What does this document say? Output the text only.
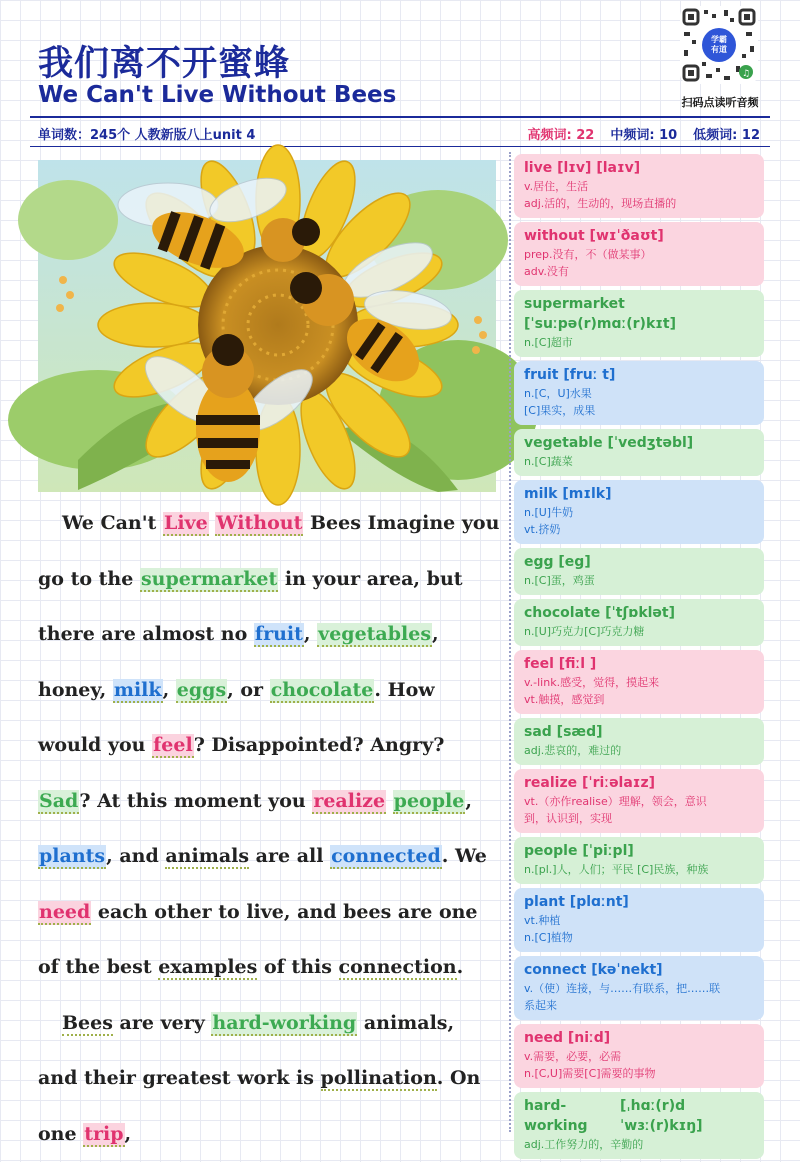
我们离不开蜜蜂
We Can't Live Without Bees
学霸
有道
♫
扫码点读听音频
单词数：245个 人教新版八上unit 4	高频词: 22 中频词: 10 低频词: 12

We Can't Live Without Bees Imagine you go to the supermarket in your area, but there are almost no fruit, vegetables, honey, milk, eggs, or chocolate. How would you feel? Disappointed? Angry? Sad? At this moment you realize people, plants, and animals are all connected. We need each other to live, and bees are one of the best examples of this connection.

Bees are very hard-working animals, and their greatest work is pollination. On one trip,

live [lɪv] [laɪv]
v.居住，生活
adj.活的，生动的，现场直播的
without [wɪˈðaʊt]
prep.没有，不（做某事）
adv.没有
supermarket [ˈsuːpə(r)mɑː(r)kɪt]
n.[C]超市
fruit [fruː t]
n.[C，U]水果
[C]果实，成果
vegetable [ˈvedʒtəbl]
n.[C]蔬菜
milk [mɪlk]
n.[U]牛奶
vt.挤奶
egg [eg]
n.[C]蛋，鸡蛋
chocolate [ˈtʃɒklət]
n.[U]巧克力[C]巧克力糖
feel [fiːl ]
v.-link.感受，觉得，摸起来
vt.触摸，感觉到
sad [sæd]
adj.悲哀的，难过的
realize [ˈriːəlaɪz]
vt.（亦作realise）理解，领会，意识
到，认识到，实现
people [ˈpiːpl]
n.[pl.]人，人们；平民 [C]民族，种族
plant [plɑːnt]
vt.种植
n.[C]植物
connect [kəˈnekt]
v.（使）连接，与……有联系，把……联
系起来
need [niːd]
v.需要，必要，必需
n.[C,U]需要[C]需要的事物
hard-
working
[ˌhɑː(r)d
ˈwɜː(r)kɪŋ]
adj.工作努力的，辛勤的
